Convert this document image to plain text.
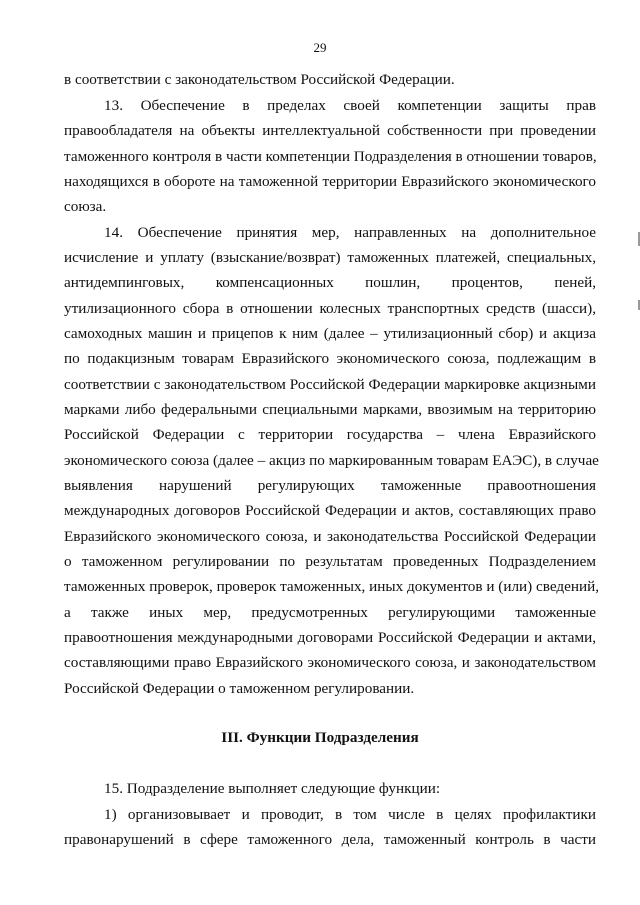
29
в соответствии с законодательством Российской Федерации.
13. Обеспечение в пределах своей компетенции защиты прав
правообладателя на объекты интеллектуальной собственности при проведении
таможенного контроля в части компетенции Подразделения в отношении товаров,
находящихся в обороте на таможенной территории Евразийского экономического
союза.
14. Обеспечение принятия мер, направленных на дополнительное
исчисление и уплату (взыскание/возврат) таможенных платежей, специальных,
антидемпинговых, компенсационных пошлин, процентов, пеней,
утилизационного сбора в отношении колесных транспортных средств (шасси),
самоходных машин и прицепов к ним (далее – утилизационный сбор) и акциза
по подакцизным товарам Евразийского экономического союза, подлежащим в
соответствии с законодательством Российской Федерации маркировке акцизными
марками либо федеральными специальными марками, ввозимым на территорию
Российской Федерации с территории государства – члена Евразийского
экономического союза (далее – акциз по маркированным товарам ЕАЭС), в случае
выявления нарушений регулирующих таможенные правоотношения
международных договоров Российской Федерации и актов, составляющих право
Евразийского экономического союза, и законодательства Российской Федерации
о таможенном регулировании по результатам проведенных Подразделением
таможенных проверок, проверок таможенных, иных документов и (или) сведений,
а также иных мер, предусмотренных регулирующими таможенные
правоотношения международными договорами Российской Федерации и актами,
составляющими право Евразийского экономического союза, и законодательством
Российской Федерации о таможенном регулировании.
III. Функции Подразделения
15. Подразделение выполняет следующие функции:
1) организовывает и проводит, в том числе в целях профилактики
правонарушений в сфере таможенного дела, таможенный контроль в части
